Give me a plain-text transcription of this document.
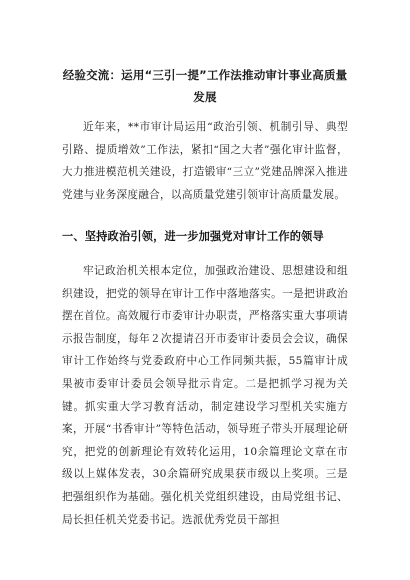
经验交流：运用“三引一提”工作法推动审计事业高质量
发展

近年来，**市审计局运用“政治引领、机制引导、典型引路、提质增效”工作法，紧扣“国之大者”强化审计监督，大力推进模范机关建设，打造锻审“三立”党建品牌深入推进党建与业务深度融合，以高质量党建引领审计高质量发展。

一、坚持政治引领，进一步加强党对审计工作的领导

牢记政治机关根本定位，加强政治建设、思想建设和组织建设，把党的领导在审计工作中落地落实。一是把讲政治摆在首位。高效履行市委审计办职责，严格落实重大事项请示报告制度，每年２次提请召开市委审计委员会会议，确保审计工作始终与党委政府中心工作同频共振，55篇审计成果被市委审计委员会领导批示肯定。二是把抓学习视为关键。抓实重大学习教育活动，制定建设学习型机关实施方案，开展“书香审计”等特色活动，领导班子带头开展理论研究，把党的创新理论有效转化运用，10余篇理论文章在市级以上媒体发表，30余篇研究成果获市级以上奖项。三是把强组织作为基础。强化机关党组织建设，由局党组书记、局长担任机关党委书记。选派优秀党员干部担
